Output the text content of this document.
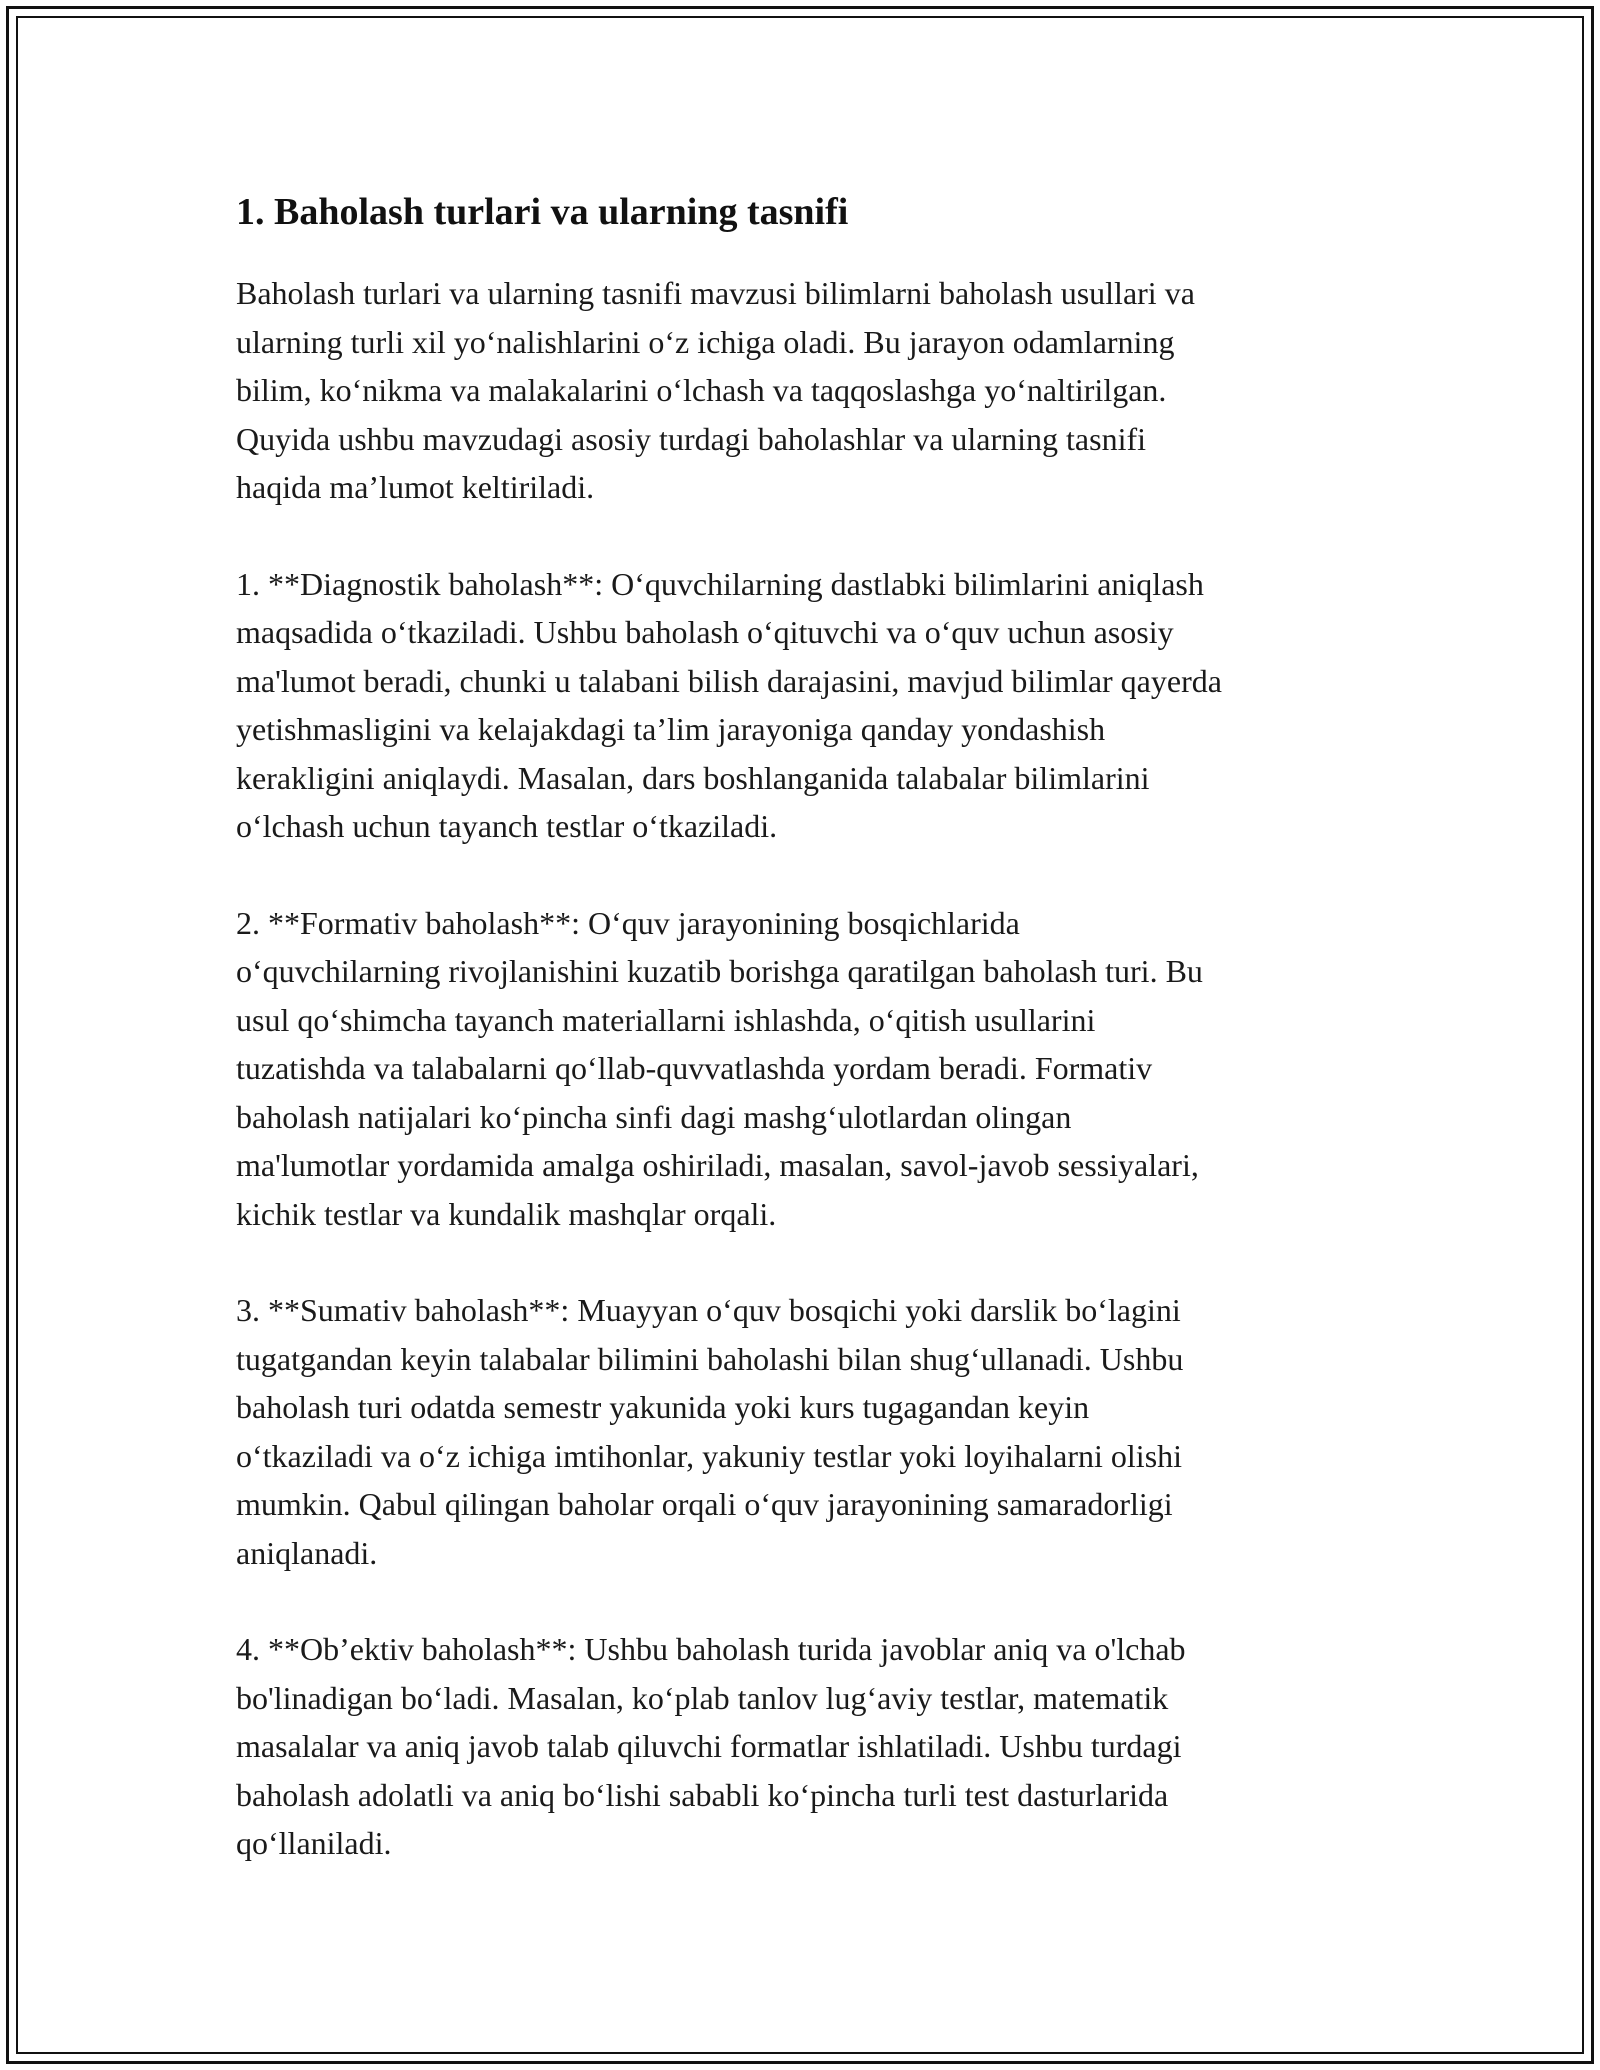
1. Baholash turlari va ularning tasnifi

Baholash turlari va ularning tasnifi mavzusi bilimlarni baholash usullari va
ularning turli xil yo‘nalishlarini o‘z ichiga oladi. Bu jarayon odamlarning
bilim, ko‘nikma va malakalarini o‘lchash va taqqoslashga yo‘naltirilgan.
Quyida ushbu mavzudagi asosiy turdagi baholashlar va ularning tasnifi
haqida ma’lumot keltiriladi.

1. **Diagnostik baholash**: O‘quvchilarning dastlabki bilimlarini aniqlash
maqsadida o‘tkaziladi. Ushbu baholash o‘qituvchi va o‘quv uchun asosiy
ma'lumot beradi, chunki u talabani bilish darajasini, mavjud bilimlar qayerda
yetishmasligini va kelajakdagi ta’lim jarayoniga qanday yondashish
kerakligini aniqlaydi. Masalan, dars boshlanganida talabalar bilimlarini
o‘lchash uchun tayanch testlar o‘tkaziladi.

2. **Formativ baholash**: O‘quv jarayonining bosqichlarida
o‘quvchilarning rivojlanishini kuzatib borishga qaratilgan baholash turi. Bu
usul qo‘shimcha tayanch materiallarni ishlashda, o‘qitish usullarini
tuzatishda va talabalarni qo‘llab-quvvatlashda yordam beradi. Formativ
baholash natijalari ko‘pincha sinfi dagi mashg‘ulotlardan olingan
ma'lumotlar yordamida amalga oshiriladi, masalan, savol-javob sessiyalari,
kichik testlar va kundalik mashqlar orqali.

3. **Sumativ baholash**: Muayyan o‘quv bosqichi yoki darslik bo‘lagini
tugatgandan keyin talabalar bilimini baholashi bilan shug‘ullanadi. Ushbu
baholash turi odatda semestr yakunida yoki kurs tugagandan keyin
o‘tkaziladi va o‘z ichiga imtihonlar, yakuniy testlar yoki loyihalarni olishi
mumkin. Qabul qilingan baholar orqali o‘quv jarayonining samaradorligi
aniqlanadi.

4. **Ob’ektiv baholash**: Ushbu baholash turida javoblar aniq va o'lchab
bo'linadigan bo‘ladi. Masalan, ko‘plab tanlov lug‘aviy testlar, matematik
masalalar va aniq javob talab qiluvchi formatlar ishlatiladi. Ushbu turdagi
baholash adolatli va aniq bo‘lishi sababli ko‘pincha turli test dasturlarida
qo‘llaniladi.
